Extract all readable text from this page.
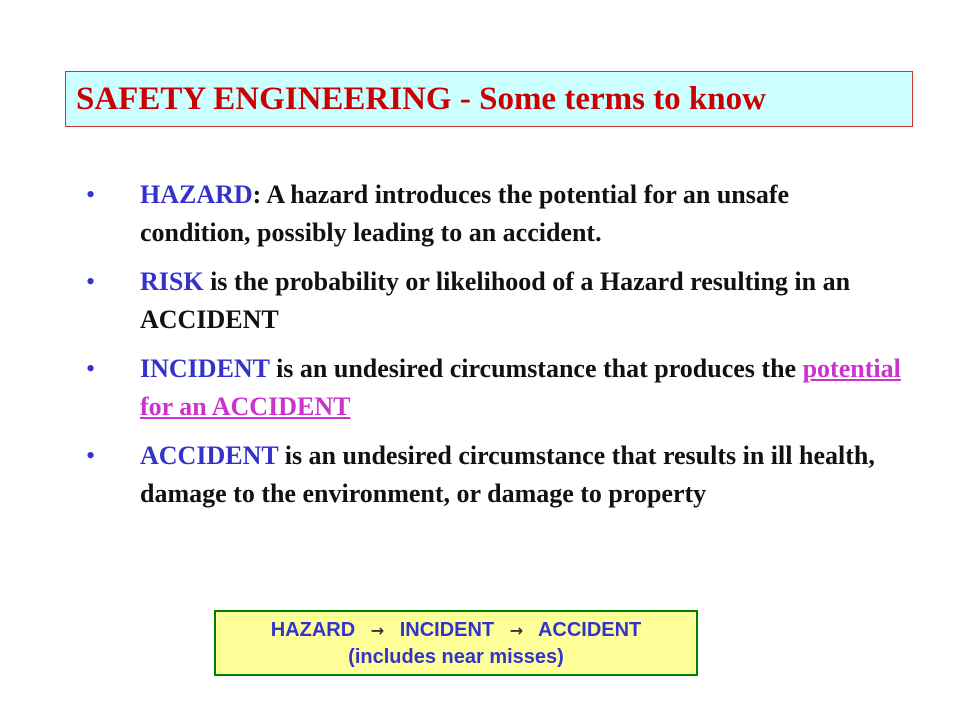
SAFETY ENGINEERING - Some terms to know
• HAZARD: A hazard introduces the potential for an unsafe condition, possibly leading to an accident.
• RISK is the probability or likelihood of a Hazard resulting in an ACCIDENT
• INCIDENT is an undesired circumstance that produces the potential for an ACCIDENT
• ACCIDENT is an undesired circumstance that results in ill health, damage to the environment, or damage to property
HAZARD → INCIDENT → ACCIDENT
(includes near misses)
